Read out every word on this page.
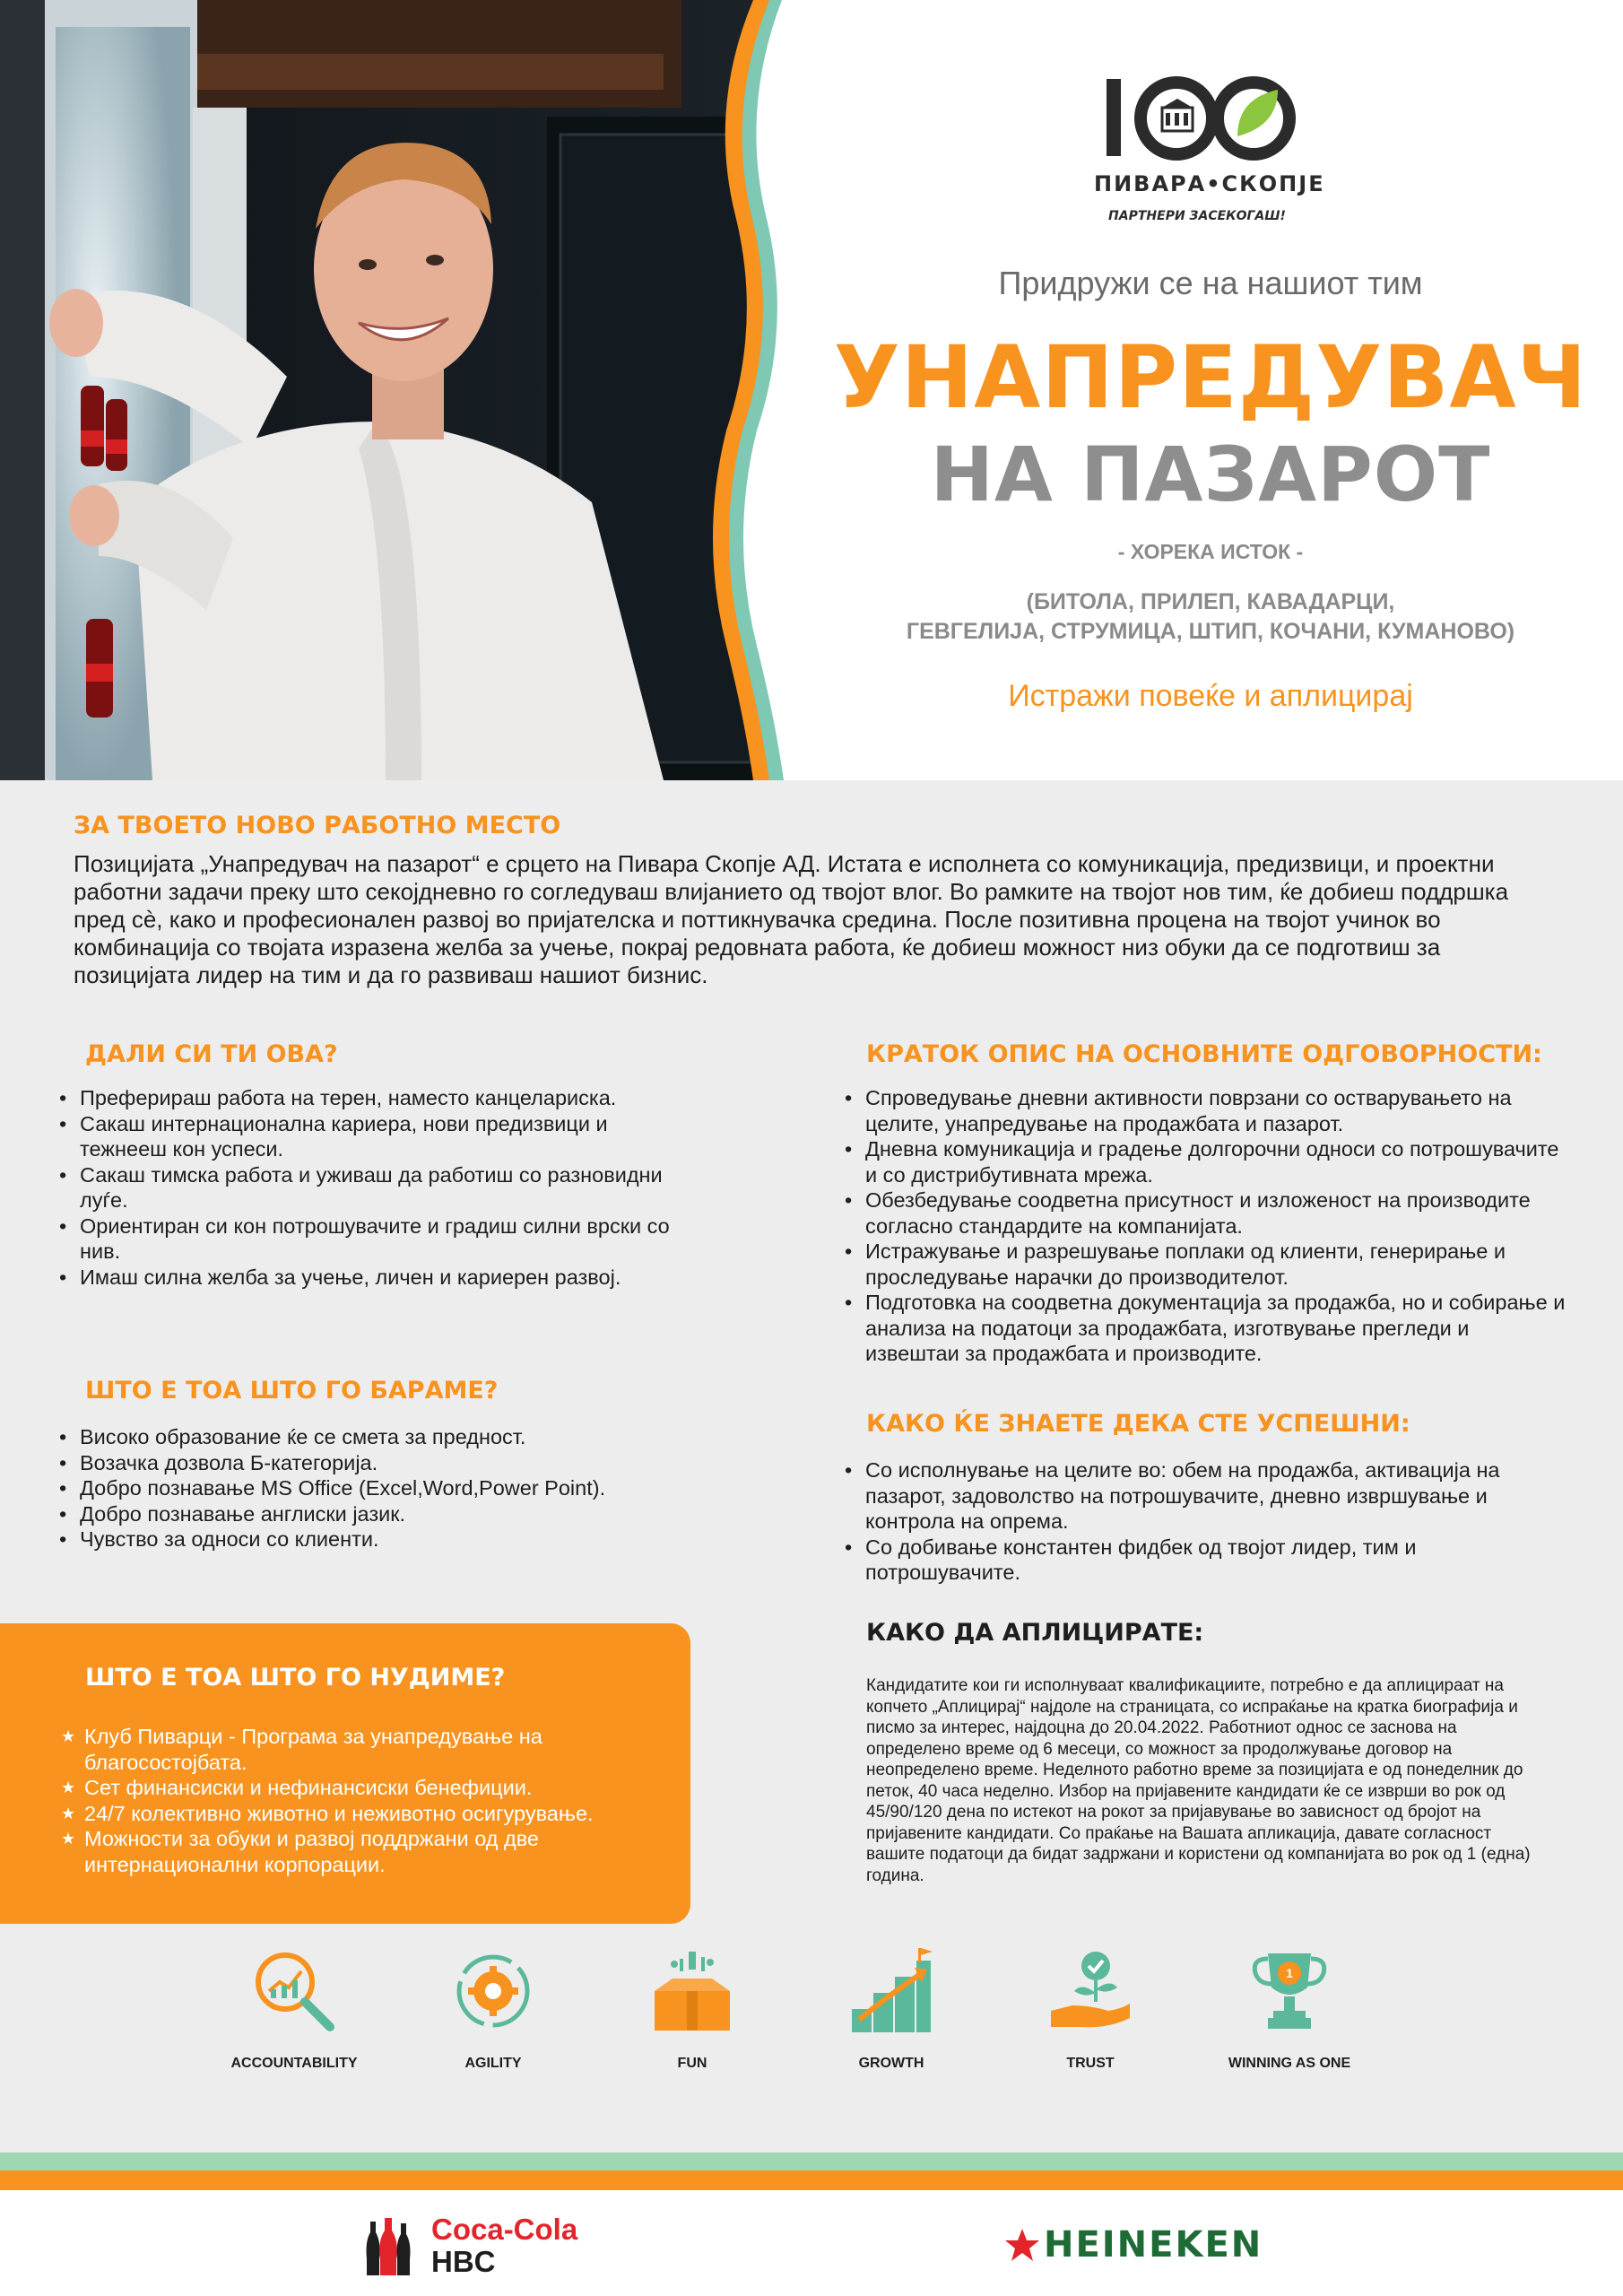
ПИВАРА•СКОПЈЕ
ПАРТНЕРИ ЗАСЕКОГАШ!
Придружи се на нашиот тим
УНАПРЕДУВАЧ
НА ПАЗАРОТ
- ХОРЕКА ИСТОК -
(БИТОЛА, ПРИЛЕП, КАВАДАРЦИ,
ГЕВГЕЛИЈА, СТРУМИЦА, ШТИП, КОЧАНИ, КУМАНОВО)
Истражи повеќе и аплицирај
ЗА ТВОЕТО НОВО РАБОТНО МЕСТО
Позицијата „Унапредувач на пазарот“ е срцето на Пивара Скопје АД. Истата е исполнета со комуникација, предизвици, и проектни работни задачи преку што секојдневно го согледуваш влијанието од твојот влог. Во рамките на твојот нов тим, ќе добиеш поддршка пред сè, како и професионален развој во пријателска и поттикнувачка средина. После позитивна процена на твојот учинок во комбинација со твојата изразена желба за учење, покрај редовната работа, ќе добиеш можност низ обуки да се подготвиш за позицијата лидер на тим и да го развиваш нашиот бизнис.
ДАЛИ СИ ТИ ОВА?
• Преферираш работа на терен, наместо канцелариска.
• Сакаш интернационална кариера, нови предизвици и тежнееш кон успеси.
• Сакаш тимска работа и уживаш да работиш со разновидни луѓе.
• Ориентиран си кон потрошувачите и градиш силни врски со нив.
• Имаш силна желба за учење, личен и кариерен развој.
ШТО Е ТОА ШТО ГО БАРАМЕ?
• Високо образование ќе се смета за предност.
• Возачка дозвола Б-категорија.
• Добро познавање MS Office (Excel,Word,Power Point).
• Добро познавање англиски јазик.
• Чувство за односи со клиенти.
ШТО Е ТОА ШТО ГО НУДИМЕ?
★ Клуб Пиварци - Програма за унапредување на благосостојбата.
★ Сет финансиски и нефинансиски бенефиции.
★ 24/7 колективно животно и неживотно осигурување.
★ Можности за обуки и развој поддржани од две интернационални корпорации.
КРАТОК ОПИС НА ОСНОВНИТЕ ОДГОВОРНОСТИ:
• Спроведување дневни активности поврзани со остварувањето на целите, унапредување на продажбата и пазарот.
• Дневна комуникација и градење долгорочни односи со потрошувачите и со дистрибутивната мрежа.
• Обезбедување соодветна присутност и изложеност на производите согласно стандардите на компанијата.
• Истражување и разрешување поплаки од клиенти, генерирање и проследување нарачки до производителот.
• Подготовка на соодветна документација за продажба, но и собирање и анализа на податоци за продажбата, изготвување прегледи и извештаи за продажбата и производите.
КАКО ЌЕ ЗНАЕТЕ ДЕКА СТЕ УСПЕШНИ:
• Со исполнување на целите во: обем на продажба, активација на пазарот, задоволство на потрошувачите, дневно извршување и контрола на опрема.
• Со добивање константен фидбек од твојот лидер, тим и потрошувачите.
КАКО ДА АПЛИЦИРАТЕ:
Кандидатите кои ги исполнуваат квалификациите, потребно е да аплицираат на копчето „Аплицирај“ најдоле на страницата, со испраќање на кратка биографија и писмо за интерес, најдоцна до 20.04.2022. Работниот однос се заснова на определено време од 6 месеци, со можност за продолжување договор на неопределено време. Неделното работно време за позицијата е од понеделник до петок, 40 часа неделно. Избор на пријавените кандидати ќе се изврши во рок од 45/90/120 дена по истекот на рокот за пријавување во зависност од бројот на пријавените кандидати. Со праќање на Вашата апликација, давате согласност вашите податоци да бидат задржани и користени од компанијата во рок од 1 (една) година.
ACCOUNTABILITY	AGILITY	FUN	GROWTH	TRUST
1
WINNING AS ONE
Coca-Cola
HBC	HEINEKEN
